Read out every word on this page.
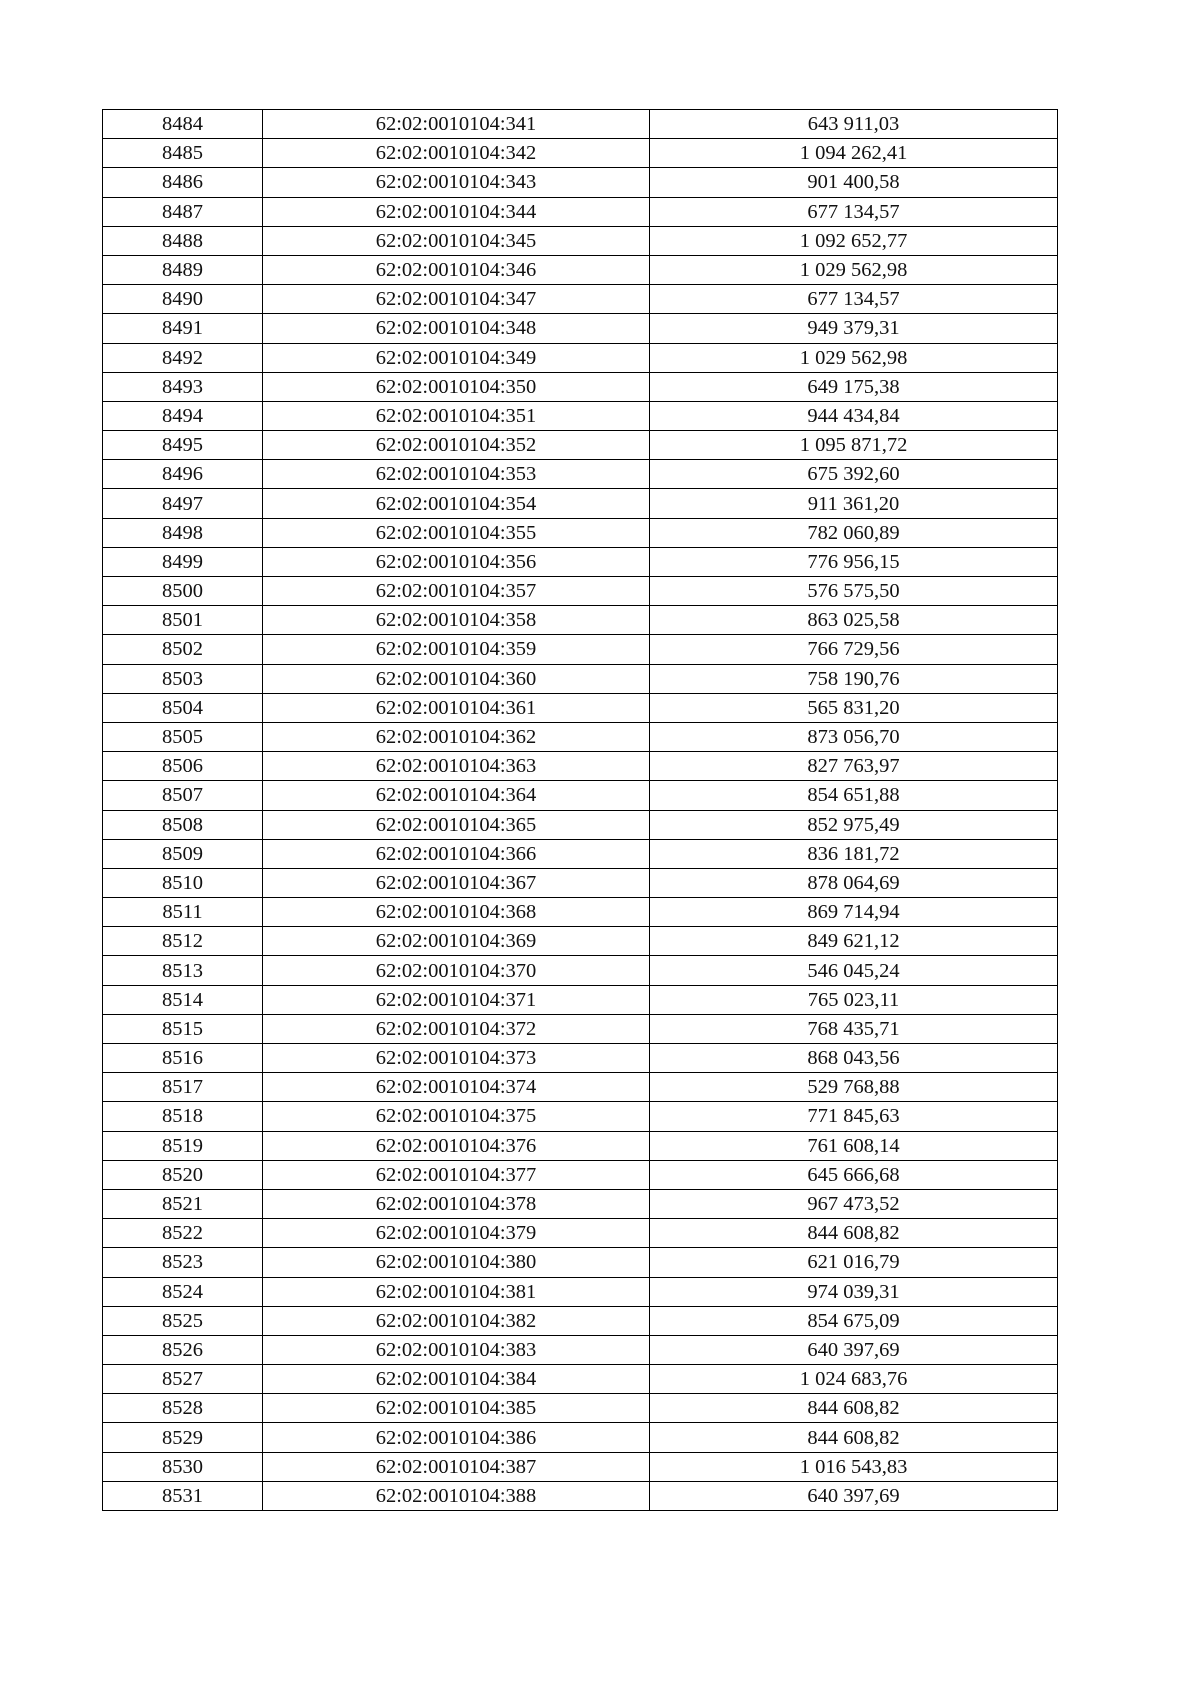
8484	62:02:0010104:341	643 911,03
8485	62:02:0010104:342	1 094 262,41
8486	62:02:0010104:343	901 400,58
8487	62:02:0010104:344	677 134,57
8488	62:02:0010104:345	1 092 652,77
8489	62:02:0010104:346	1 029 562,98
8490	62:02:0010104:347	677 134,57
8491	62:02:0010104:348	949 379,31
8492	62:02:0010104:349	1 029 562,98
8493	62:02:0010104:350	649 175,38
8494	62:02:0010104:351	944 434,84
8495	62:02:0010104:352	1 095 871,72
8496	62:02:0010104:353	675 392,60
8497	62:02:0010104:354	911 361,20
8498	62:02:0010104:355	782 060,89
8499	62:02:0010104:356	776 956,15
8500	62:02:0010104:357	576 575,50
8501	62:02:0010104:358	863 025,58
8502	62:02:0010104:359	766 729,56
8503	62:02:0010104:360	758 190,76
8504	62:02:0010104:361	565 831,20
8505	62:02:0010104:362	873 056,70
8506	62:02:0010104:363	827 763,97
8507	62:02:0010104:364	854 651,88
8508	62:02:0010104:365	852 975,49
8509	62:02:0010104:366	836 181,72
8510	62:02:0010104:367	878 064,69
8511	62:02:0010104:368	869 714,94
8512	62:02:0010104:369	849 621,12
8513	62:02:0010104:370	546 045,24
8514	62:02:0010104:371	765 023,11
8515	62:02:0010104:372	768 435,71
8516	62:02:0010104:373	868 043,56
8517	62:02:0010104:374	529 768,88
8518	62:02:0010104:375	771 845,63
8519	62:02:0010104:376	761 608,14
8520	62:02:0010104:377	645 666,68
8521	62:02:0010104:378	967 473,52
8522	62:02:0010104:379	844 608,82
8523	62:02:0010104:380	621 016,79
8524	62:02:0010104:381	974 039,31
8525	62:02:0010104:382	854 675,09
8526	62:02:0010104:383	640 397,69
8527	62:02:0010104:384	1 024 683,76
8528	62:02:0010104:385	844 608,82
8529	62:02:0010104:386	844 608,82
8530	62:02:0010104:387	1 016 543,83
8531	62:02:0010104:388	640 397,69
